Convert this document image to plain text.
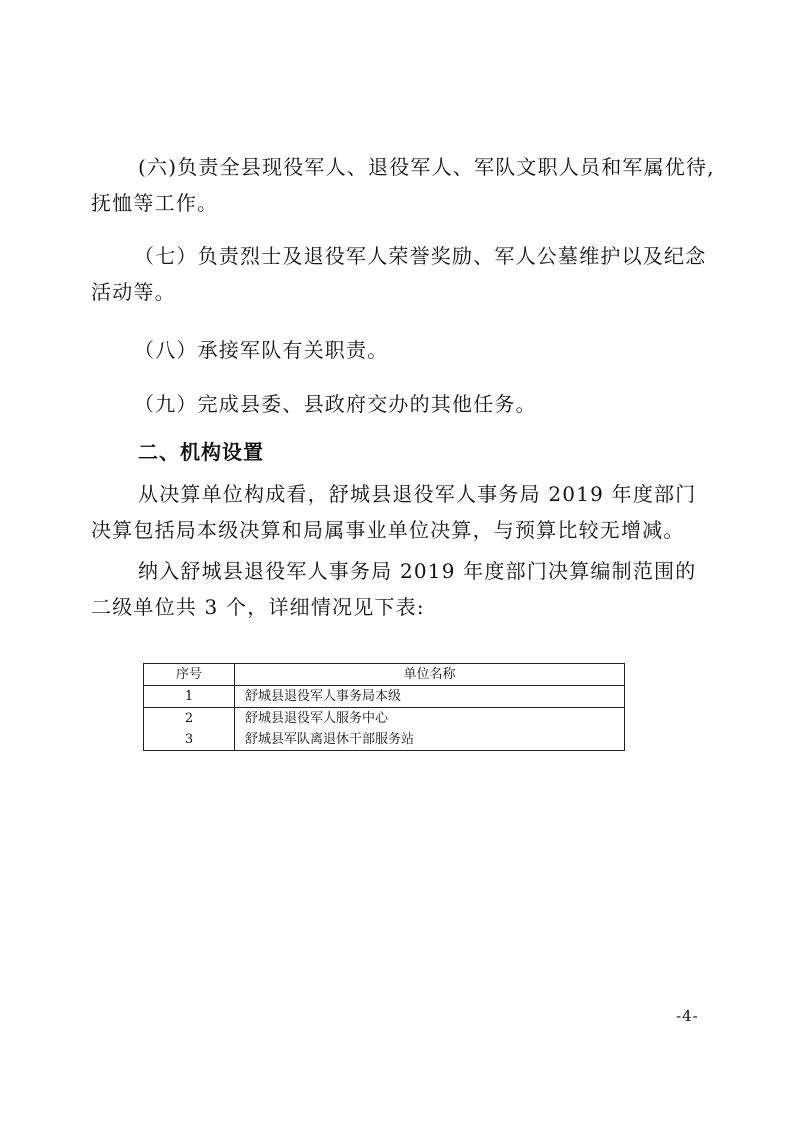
(六)负责全县现役军人、退役军人、军队文职人员和军属优待,
抚恤等工作。
（七）负责烈士及退役军人荣誉奖励、军人公墓维护以及纪念
活动等。
（八）承接军队有关职责。
（九）完成县委、县政府交办的其他任务。
二、机构设置
从决算单位构成看，舒城县退役军人事务局 2019 年度部门
决算包括局本级决算和局属事业单位决算，与预算比较无增减。
纳入舒城县退役军人事务局 2019 年度部门决算编制范围的
二级单位共 3 个，详细情况见下表:
序号	单位名称
1	舒城县退役军人事务局本级
2	舒城县退役军人服务中心
3	舒城县军队离退休干部服务站
-4-
